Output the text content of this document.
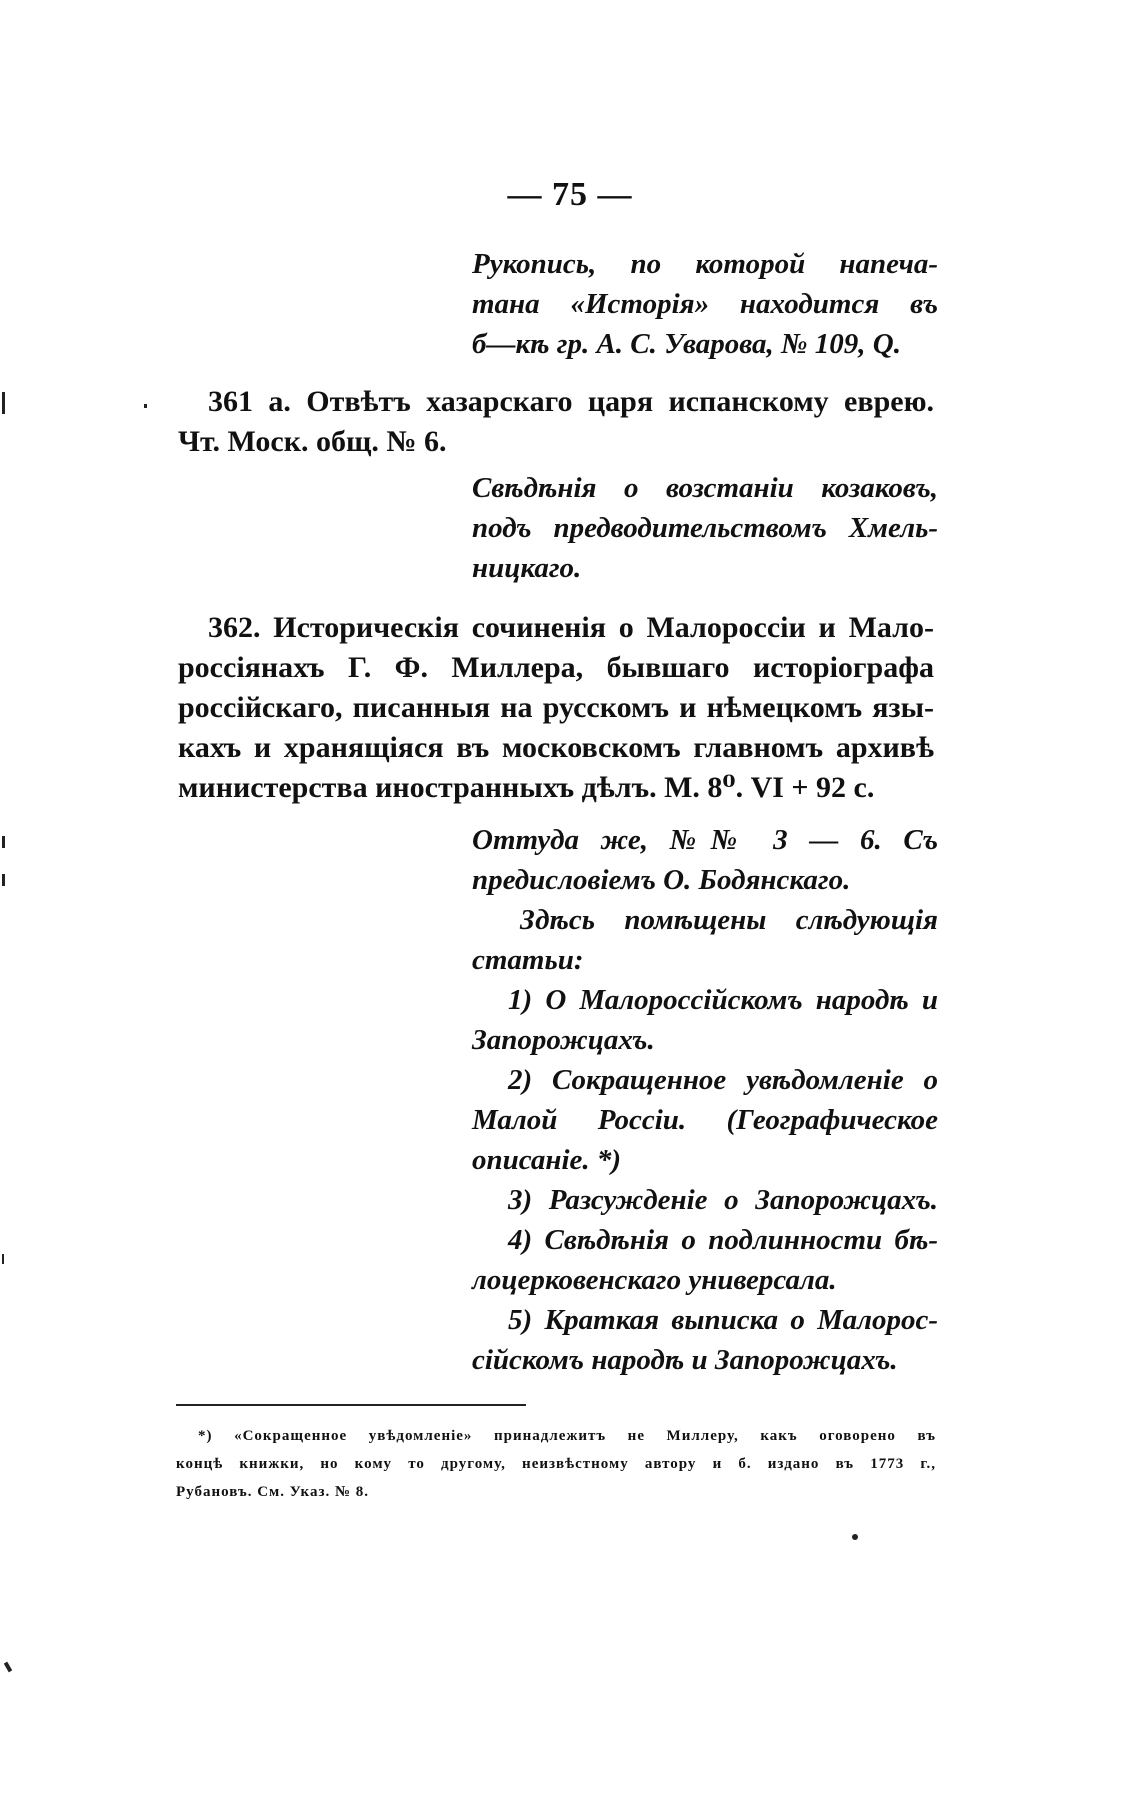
— 75 —
Рукопись, по которой напеча-
тана «Исторія» находится въ
б—кѣ гр. А. С. Уварова, № 109, Q.
361 а. Отвѣтъ хазарскаго царя испанскому еврею.
Чт. Моск. общ. № 6.
Свѣдѣнія о возстаніи козаковъ,
подъ предводительствомъ Хмель-
ницкаго.
362. Историческія сочиненія о Малороссіи и Мало-
россіянахъ Г. Ф. Миллера, бывшаго исторіографа
россійскаго, писанныя на русскомъ и нѣмецкомъ язы-
кахъ и хранящіяся въ московскомъ главномъ архивѣ
министерства иностранныхъ дѣлъ. М. 8⁰. VI + 92 с.
Оттуда же, №№ 3 — 6. Съ
предисловіемъ О. Бодянскаго.
Здѣсь помѣщены слѣдующія
статьи:
1) О Малороссійскомъ народѣ и
Запорожцахъ.
2) Сокращенное увѣдомленіе о
Малой Россіи. (Географическое
описаніе. *)
3) Разсужденіе о Запорожцахъ.
4) Свѣдѣнія о подлинности бѣ-
лоцерковенскаго универсала.
5) Краткая выписка о Малорос-
сійскомъ народѣ и Запорожцахъ.
*) «Сокращенное увѣдомленіе» принадлежитъ не Миллеру, какъ оговорено въ
концѣ книжки, но кому то другому, неизвѣстному автору и б. издано въ 1773 г.,
Рубановъ. См. Указ. № 8.
